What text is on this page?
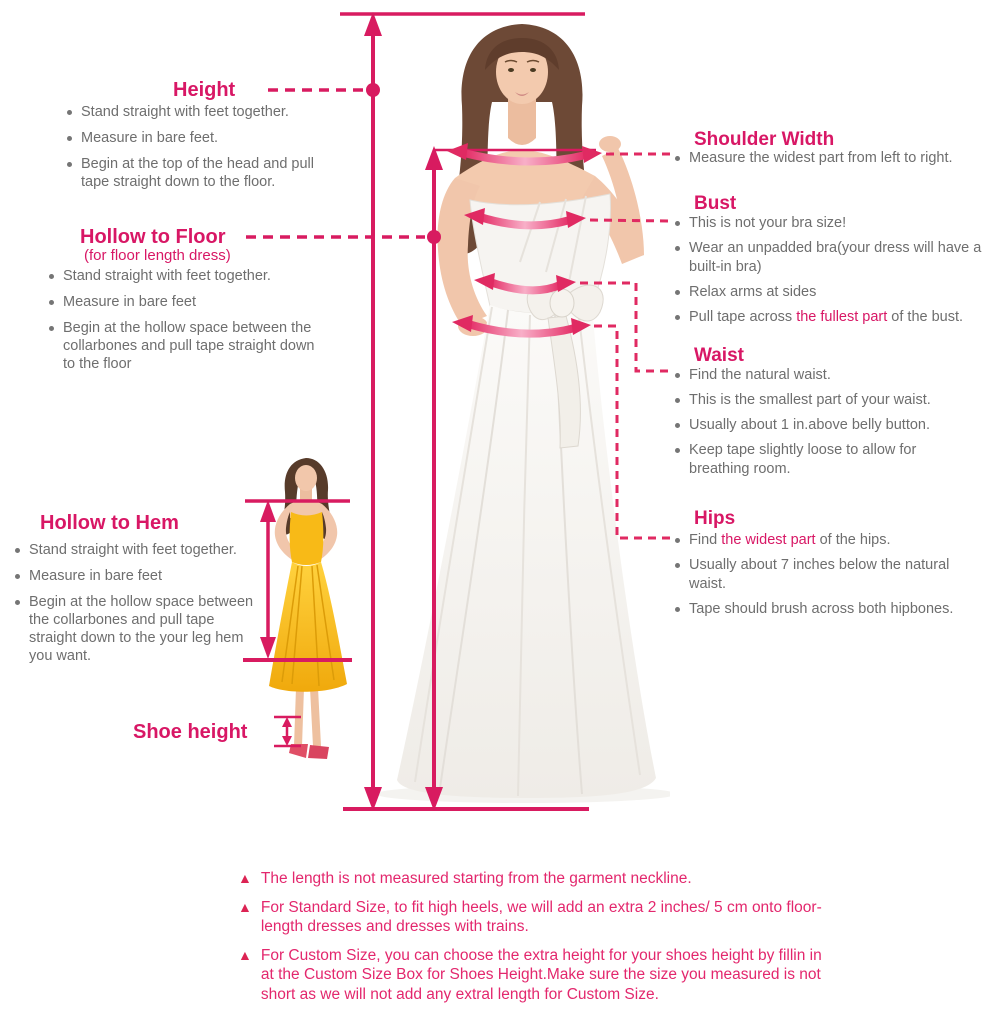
Height
Stand straight with feet together.
Measure in bare feet.
Begin at the top of the head and pull tape straight down to the floor.
Hollow to Floor
(for floor length dress)
Stand straight with feet together.
Measure in bare feet
Begin at the hollow space between the collarbones and pull tape straight down to the floor
Hollow to Hem
Stand straight with feet together.
Measure in bare feet
Begin at the hollow space between the collarbones and pull tape straight down to the your leg hem you want.
Shoe height
Shoulder Width
Measure the widest part from left to right.
Bust
This is not your bra size!
Wear an unpadded bra(your dress will have a built-in bra)
Relax arms at sides
Pull tape across the fullest part of the bust.
Waist
Find the natural waist.
This is the smallest part of your waist.
Usually about 1 in.above belly button.
Keep tape slightly loose to allow for breathing room.
Hips
Find the widest part of the hips.
Usually about 7 inches below the natural waist.
Tape should brush across both hipbones.
▲ The length is not measured starting from the garment neckline.
▲ For Standard Size, to fit high heels, we will add an extra 2 inches/ 5 cm onto floor-length dresses and dresses with trains.
▲ For Custom Size, you can choose the extra height for your shoes height by fillin in at the Custom Size Box for Shoes Height.Make sure the size you measured is not short as we will not add any extral length for Custom Size.
